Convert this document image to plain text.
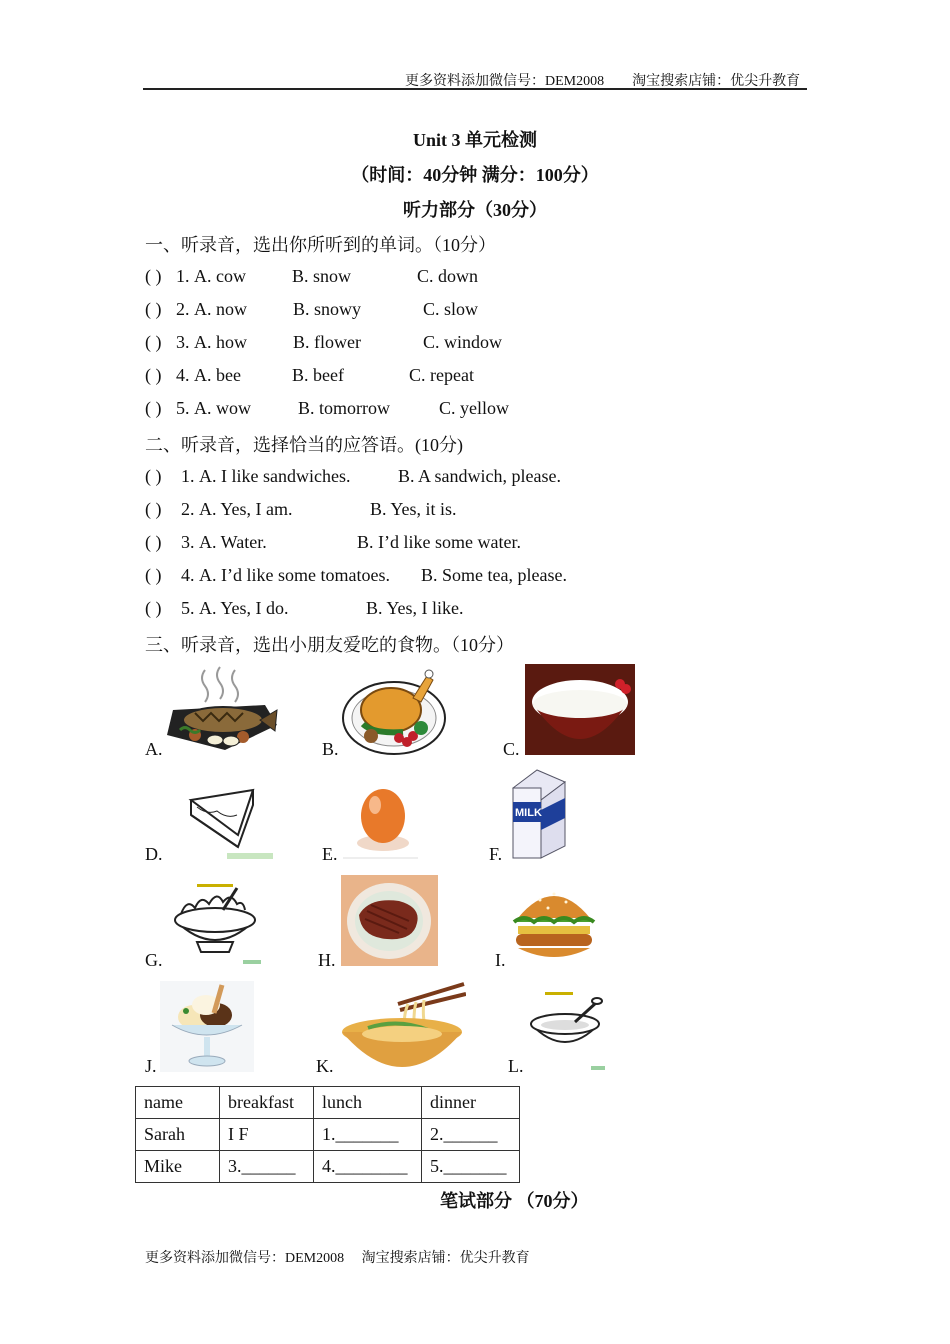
更多资料添加微信号：DEM2008　　淘宝搜索店铺：优尖升教育
Unit 3 单元检测
（时间：40分钟 满分：100分）
听力部分（30分）
一、听录音，选出你所听到的单词。（10分）
( ) 1. A. cow	B. snow	C. down
( ) 2. A. now	B. snowy	C. slow
( ) 3. A. how	B. flower	C. window
( ) 4. A. bee	B. beef	C. repeat
( ) 5. A. wow	B. tomorrow	C. yellow
二、听录音，选择恰当的应答语。(10分)
( ) 1. A. I like sandwiches.	B. A sandwich, please.
( ) 2. A. Yes, I am.	B. Yes, it is.
( ) 3. A. Water.	B. I’d like some water.
( ) 4. A. I’d like some tomatoes. B. Some tea, please.
( ) 5. A. Yes, I do.	B. Yes, I like.
三、听录音，选出小朋友爱吃的食物。（10分）
A.	B.	C.
D.	E.	F.
G.	H.	I.
J.	K.	L.
MILK
name	breakfast	lunch	dinner
Sarah	I F	1._______	2.______
Mike	3.______	4.________	5._______
笔试部分 （70分）
更多资料添加微信号：DEM2008　 淘宝搜索店铺：优尖升教育
